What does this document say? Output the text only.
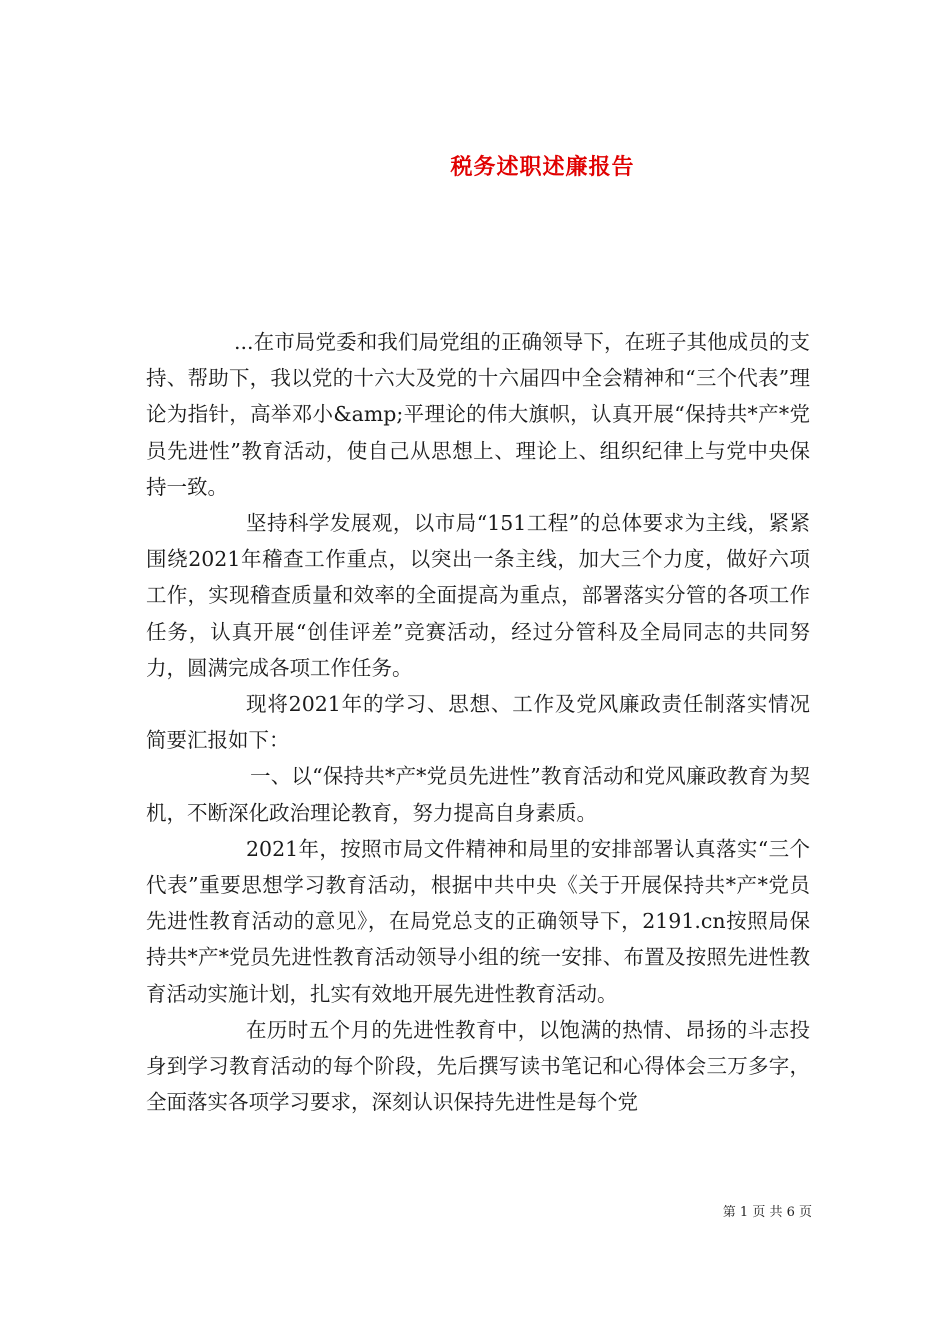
税务述职述廉报告

...在市局党委和我们局党组的正确领导下，在班子其他成员的支持、帮助下，我以党的十六大及党的十六届四中全会精神和“三个代表”理论为指针，高举邓小&amp;平理论的伟大旗帜，认真开展“保持共*产*党员先进性”教育活动，使自己从思想上、理论上、组织纪律上与党中央保持一致。

坚持科学发展观，以市局“151工程”的总体要求为主线，紧紧围绕2021年稽查工作重点，以突出一条主线，加大三个力度，做好六项工作，实现稽查质量和效率的全面提高为重点，部署落实分管的各项工作任务，认真开展“创佳评差”竞赛活动，经过分管科及全局同志的共同努力，圆满完成各项工作任务。

现将2021年的学习、思想、工作及党风廉政责任制落实情况简要汇报如下：

一、以“保持共*产*党员先进性”教育活动和党风廉政教育为契机，不断深化政治理论教育，努力提高自身素质。

2021年，按照市局文件精神和局里的安排部署认真落实“三个代表”重要思想学习教育活动，根据中共中央《关于开展保持共*产*党员先进性教育活动的意见》，在局党总支的正确领导下，2191.cn按照局保持共*产*党员先进性教育活动领导小组的统一安排、布置及按照先进性教育活动实施计划，扎实有效地开展先进性教育活动。

在历时五个月的先进性教育中，以饱满的热情、昂扬的斗志投身到学习教育活动的每个阶段，先后撰写读书笔记和心得体会三万多字，全面落实各项学习要求，深刻认识保持先进性是每个党

第 1 页 共 6 页
